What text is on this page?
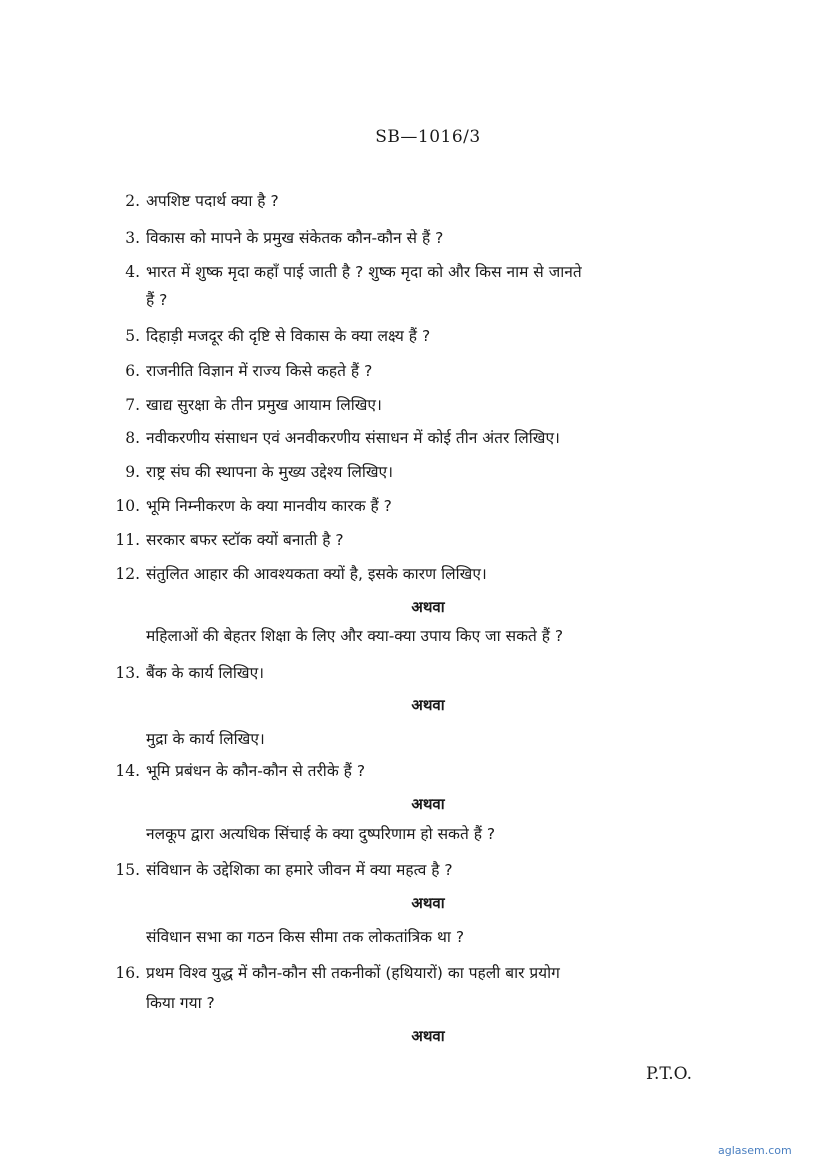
SB—1016/3
2. अपशिष्ट पदार्थ क्या है ?
3. विकास को मापने के प्रमुख संकेतक कौन-कौन से हैं ?
4. भारत में शुष्क मृदा कहाँ पाई जाती है ? शुष्क मृदा को और किस नाम से जानते
हैं ?
5. दिहाड़ी मजदूर की दृष्टि से विकास के क्या लक्ष्य हैं ?
6. राजनीति विज्ञान में राज्य किसे कहते हैं ?
7. खाद्य सुरक्षा के तीन प्रमुख आयाम लिखिए।
8. नवीकरणीय संसाधन एवं अनवीकरणीय संसाधन में कोई तीन अंतर लिखिए।
9. राष्ट्र संघ की स्थापना के मुख्य उद्देश्य लिखिए।
10. भूमि निम्नीकरण के क्या मानवीय कारक हैं ?
11. सरकार बफर स्टॉक क्यों बनाती है ?
12. संतुलित आहार की आवश्यकता क्यों है, इसके कारण लिखिए।
अथवा
महिलाओं की बेहतर शिक्षा के लिए और क्या-क्या उपाय किए जा सकते हैं ?
13. बैंक के कार्य लिखिए।
अथवा
मुद्रा के कार्य लिखिए।
14. भूमि प्रबंधन के कौन-कौन से तरीके हैं ?
अथवा
नलकूप द्वारा अत्यधिक सिंचाई के क्या दुष्परिणाम हो सकते हैं ?
15. संविधान के उद्देशिका का हमारे जीवन में क्या महत्व है ?
अथवा
संविधान सभा का गठन किस सीमा तक लोकतांत्रिक था ?
16. प्रथम विश्व युद्ध में कौन-कौन सी तकनीकों (हथियारों) का पहली बार प्रयोग
किया गया ?
अथवा
P.T.O.
aglasem.com
